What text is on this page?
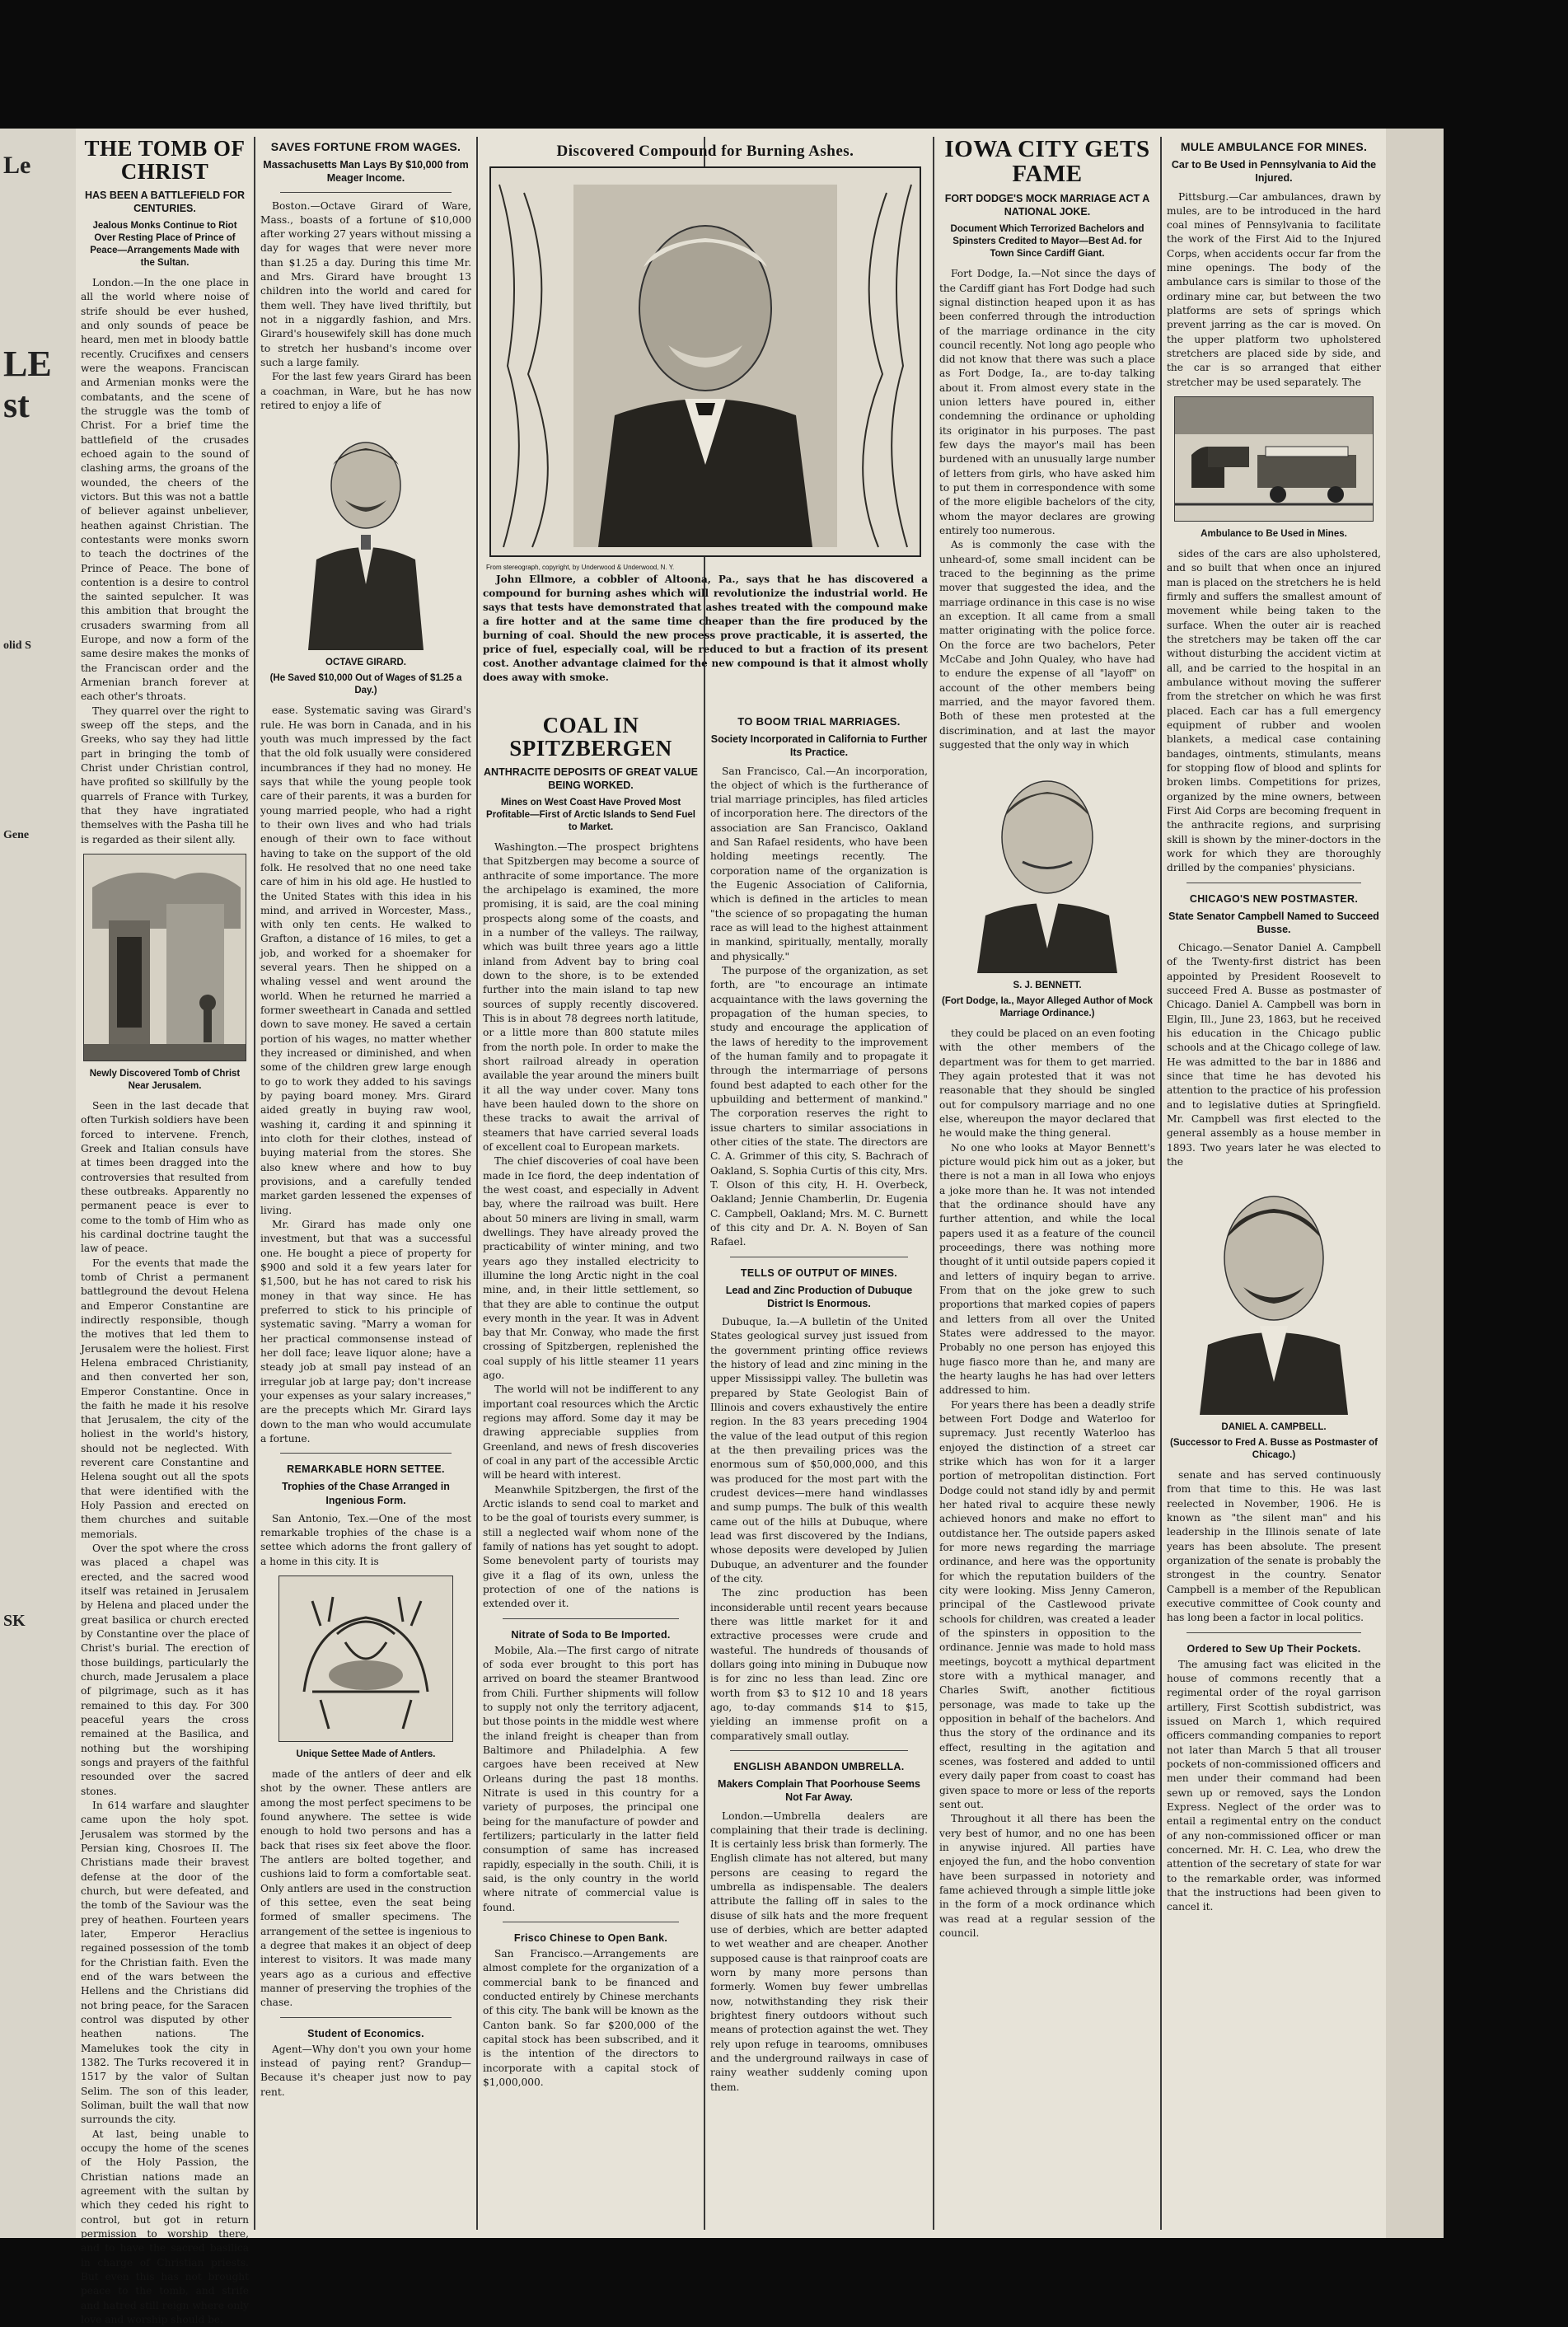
Le
LE
st
olid S
Gene
SK
THE TOMB OF CHRIST
HAS BEEN A BATTLEFIELD FOR CENTURIES.
Jealous Monks Continue to Riot Over Resting Place of Prince of Peace—Arrangements Made with the Sultan.

London.—In the one place in all the world where noise of strife should be ever hushed, and only sounds of peace be heard, men met in bloody battle recently. Crucifixes and censers were the weapons. Franciscan and Armenian monks were the combatants, and the scene of the struggle was the tomb of Christ. For a brief time the battlefield of the crusades echoed again to the sound of clashing arms, the groans of the wounded, the cheers of the victors. But this was not a battle of believer against unbeliever, heathen against Christian. The contestants were monks sworn to teach the doctrines of the Prince of Peace. The bone of contention is a desire to control the sainted sepulcher. It was this ambition that brought the crusaders swarming from all Europe, and now a form of the same desire makes the monks of the Franciscan order and the Armenian branch forever at each other's throats.

They quarrel over the right to sweep off the steps, and the Greeks, who say they had little part in bringing the tomb of Christ under Christian control, have profited so skillfully by the quarrels of France with Turkey, that they have ingratiated themselves with the Pasha till he is regarded as their silent ally.

Newly Discovered Tomb of Christ Near Jerusalem.

Seen in the last decade that often Turkish soldiers have been forced to intervene. French, Greek and Italian consuls have at times been dragged into the controversies that resulted from these outbreaks. Apparently no permanent peace is ever to come to the tomb of Him who as his cardinal doctrine taught the law of peace.

For the events that made the tomb of Christ a permanent battleground the devout Helena and Emperor Constantine are indirectly responsible, though the motives that led them to Jerusalem were the holiest. First Helena embraced Christianity, and then converted her son, Emperor Constantine. Once in the faith he made it his resolve that Jerusalem, the city of the holiest in the world's history, should not be neglected. With reverent care Constantine and Helena sought out all the spots that were identified with the Holy Passion and erected on them churches and suitable memorials.

Over the spot where the cross was placed a chapel was erected, and the sacred wood itself was retained in Jerusalem by Helena and placed under the great basilica or church erected by Constantine over the place of Christ's burial. The erection of those buildings, particularly the church, made Jerusalem a place of pilgrimage, such as it has remained to this day. For 300 peaceful years the cross remained at the Basilica, and nothing but the worshiping songs and prayers of the faithful resounded over the sacred stones.

In 614 warfare and slaughter came upon the holy spot. Jerusalem was stormed by the Persian king, Chosroes II. The Christians made their bravest defense at the door of the church, but were defeated, and the tomb of the Saviour was the prey of heathen. Fourteen years later, Emperor Heraclius regained possession of the tomb for the Christian faith. Even the end of the wars between the Hellens and the Christians did not bring peace, for the Saracen control was disputed by other heathen nations. The Mamelukes took the city in 1382. The Turks recovered it in 1517 by the valor of Sultan Selim. The son of this leader, Soliman, built the wall that now surrounds the city.

At last, being unable to occupy the home of the scenes of the Holy Passion, the Christian nations made an agreement with the sultan by which they ceded his right to control, but got in return permission to worship there, and to have the sacred basilica in charge of Christian priests. But even this has not brought peace to the tomb, and strife and hatred still reign where only love and worship should be.

SAVES FORTUNE FROM WAGES.
Massachusetts Man Lays By $10,000 from Meager Income.

Boston.—Octave Girard of Ware, Mass., boasts of a fortune of $10,000 after working 27 years without missing a day for wages that were never more than $1.25 a day. During this time Mr. and Mrs. Girard have brought 13 children into the world and cared for them well. They have lived thriftily, but not in a niggardly fashion, and Mrs. Girard's housewifely skill has done much to stretch her husband's income over such a large family.

For the last few years Girard has been a coachman, in Ware, but he has now retired to enjoy a life of

OCTAVE GIRARD.
(He Saved $10,000 Out of Wages of $1.25 a Day.)

ease. Systematic saving was Girard's rule. He was born in Canada, and in his youth was much impressed by the fact that the old folk usually were considered incumbrances if they had no money. He says that while the young people took care of their parents, it was a burden for young married people, who had a right to their own lives and who had trials enough of their own to face without having to take on the support of the old folk. He resolved that no one need take care of him in his old age. He hustled to the United States with this idea in his mind, and arrived in Worcester, Mass., with only ten cents. He walked to Grafton, a distance of 16 miles, to get a job, and worked for a shoemaker for several years. Then he shipped on a whaling vessel and went around the world. When he returned he married a former sweetheart in Canada and settled down to save money. He saved a certain portion of his wages, no matter whether they increased or diminished, and when some of the children grew large enough to go to work they added to his savings by paying board money. Mrs. Girard aided greatly in buying raw wool, washing it, carding it and spinning it into cloth for their clothes, instead of buying material from the stores. She also knew where and how to buy provisions, and a carefully tended market garden lessened the expenses of living.

Mr. Girard has made only one investment, but that was a successful one. He bought a piece of property for $900 and sold it a few years later for $1,500, but he has not cared to risk his money in that way since. He has preferred to stick to his principle of systematic saving. "Marry a woman for her practical commonsense instead of her doll face; leave liquor alone; have a steady job at small pay instead of an irregular job at large pay; don't increase your expenses as your salary increases," are the precepts which Mr. Girard lays down to the man who would accumulate a fortune.

REMARKABLE HORN SETTEE.
Trophies of the Chase Arranged in Ingenious Form.

San Antonio, Tex.—One of the most remarkable trophies of the chase is a settee which adorns the front gallery of a home in this city. It is

Unique Settee Made of Antlers.

made of the antlers of deer and elk shot by the owner. These antlers are among the most perfect specimens to be found anywhere. The settee is wide enough to hold two persons and has a back that rises six feet above the floor. The antlers are bolted together, and cushions laid to form a comfortable seat. Only antlers are used in the construction of this settee, even the seat being formed of smaller specimens. The arrangement of the settee is ingenious to a degree that makes it an object of deep interest to visitors. It was made many years ago as a curious and effective manner of preserving the trophies of the chase.

Student of Economics.

Agent—Why don't you own your home instead of paying rent? Grandup—Because it's cheaper just now to pay rent.

Discovered Compound for Burning Ashes.
From stereograph, copyright, by Underwood & Underwood, N. Y.

John Ellmore, a cobbler of Altoona, Pa., says that he has discovered a compound for burning ashes which will revolutionize the industrial world. He says that tests have demonstrated that ashes treated with the compound make a fire hotter and at the same time cheaper than the fire produced by the burning of coal. Should the new process prove practicable, it is asserted, the price of fuel, especially coal, will be reduced to but a fraction of its present cost. Another advantage claimed for the new compound is that it almost wholly does away with smoke.

COAL IN SPITZBERGEN
ANTHRACITE DEPOSITS OF GREAT VALUE BEING WORKED.
Mines on West Coast Have Proved Most Profitable—First of Arctic Islands to Send Fuel to Market.

Washington.—The prospect brightens that Spitzbergen may become a source of anthracite of some importance. The more the archipelago is examined, the more promising, it is said, are the coal mining prospects along some of the coasts, and in a number of the valleys. The railway, which was built three years ago a little inland from Advent bay to bring coal down to the shore, is to be extended further into the main island to tap new sources of supply recently discovered. This is in about 78 degrees north latitude, or a little more than 800 statute miles from the north pole. In order to make the short railroad already in operation available the year around the miners built it all the way under cover. Many tons have been hauled down to the shore on these tracks to await the arrival of steamers that have carried several loads of excellent coal to European markets.

The chief discoveries of coal have been made in Ice fiord, the deep indentation of the west coast, and especially in Advent bay, where the railroad was built. Here about 50 miners are living in small, warm dwellings. They have already proved the practicability of winter mining, and two years ago they installed electricity to illumine the long Arctic night in the coal mine, and, in their little settlement, so that they are able to continue the output every month in the year. It was in Advent bay that Mr. Conway, who made the first crossing of Spitzbergen, replenished the coal supply of his little steamer 11 years ago.

The world will not be indifferent to any important coal resources which the Arctic regions may afford. Some day it may be drawing appreciable supplies from Greenland, and news of fresh discoveries of coal in any part of the accessible Arctic will be heard with interest.

Meanwhile Spitzbergen, the first of the Arctic islands to send coal to market and to be the goal of tourists every summer, is still a neglected waif whom none of the family of nations has yet sought to adopt. Some benevolent party of tourists may give it a flag of its own, unless the protection of one of the nations is extended over it.

Nitrate of Soda to Be Imported.

Mobile, Ala.—The first cargo of nitrate of soda ever brought to this port has arrived on board the steamer Brantwood from Chili. Further shipments will follow to supply not only the territory adjacent, but those points in the middle west where the inland freight is cheaper than from Baltimore and Philadelphia. A few cargoes have been received at New Orleans during the past 18 months. Nitrate is used in this country for a variety of purposes, the principal one being for the manufacture of powder and fertilizers; particularly in the latter field consumption of same has increased rapidly, especially in the south. Chili, it is said, is the only country in the world where nitrate of commercial value is found.

Frisco Chinese to Open Bank.

San Francisco.—Arrangements are almost complete for the organization of a commercial bank to be financed and conducted entirely by Chinese merchants of this city. The bank will be known as the Canton bank. So far $200,000 of the capital stock has been subscribed, and it is the intention of the directors to incorporate with a capital stock of $1,000,000.

TO BOOM TRIAL MARRIAGES.
Society Incorporated in California to Further Its Practice.

San Francisco, Cal.—An incorporation, the object of which is the furtherance of trial marriage principles, has filed articles of incorporation here. The directors of the association are San Francisco, Oakland and San Rafael residents, who have been holding meetings recently. The corporation name of the organization is the Eugenic Association of California, which is defined in the articles to mean "the science of so propagating the human race as will lead to the highest attainment in mankind, spiritually, mentally, morally and physically."

The purpose of the organization, as set forth, are "to encourage an intimate acquaintance with the laws governing the propagation of the human species, to study and encourage the application of the laws of heredity to the improvement of the human family and to propagate it through the intermarriage of persons found best adapted to each other for the upbuilding and betterment of mankind." The corporation reserves the right to issue charters to similar associations in other cities of the state. The directors are C. A. Grimmer of this city, S. Bachrach of Oakland, S. Sophia Curtis of this city, Mrs. T. Olson of this city, H. H. Overbeck, Oakland; Jennie Chamberlin, Dr. Eugenia C. Campbell, Oakland; Mrs. M. C. Burnett of this city and Dr. A. N. Boyen of San Rafael.

TELLS OF OUTPUT OF MINES.
Lead and Zinc Production of Dubuque District Is Enormous.

Dubuque, Ia.—A bulletin of the United States geological survey just issued from the government printing office reviews the history of lead and zinc mining in the upper Mississippi valley. The bulletin was prepared by State Geologist Bain of Illinois and covers exhaustively the entire region. In the 83 years preceding 1904 the value of the lead output of this region at the then prevailing prices was the enormous sum of $50,000,000, and this was produced for the most part with the crudest devices—mere hand windlasses and sump pumps. The bulk of this wealth came out of the hills at Dubuque, where lead was first discovered by the Indians, whose deposits were developed by Julien Dubuque, an adventurer and the founder of the city.

The zinc production has been inconsiderable until recent years because there was little market for it and extractive processes were crude and wasteful. The hundreds of thousands of dollars going into mining in Dubuque now is for zinc no less than lead. Zinc ore worth from $3 to $12 10 and 18 years ago, to-day commands $14 to $15, yielding an immense profit on a comparatively small outlay.

ENGLISH ABANDON UMBRELLA.
Makers Complain That Poorhouse Seems Not Far Away.

London.—Umbrella dealers are complaining that their trade is declining. It is certainly less brisk than formerly. The English climate has not altered, but many persons are ceasing to regard the umbrella as indispensable. The dealers attribute the falling off in sales to the disuse of silk hats and the more frequent use of derbies, which are better adapted to wet weather and are cheaper. Another supposed cause is that rainproof coats are worn by many more persons than formerly. Women buy fewer umbrellas now, notwithstanding they risk their brightest finery outdoors without such means of protection against the wet. They rely upon refuge in tearooms, omnibuses and the underground railways in case of rainy weather suddenly coming upon them.

IOWA CITY GETS FAME
FORT DODGE'S MOCK MARRIAGE ACT A NATIONAL JOKE.
Document Which Terrorized Bachelors and Spinsters Credited to Mayor—Best Ad. for Town Since Cardiff Giant.

Fort Dodge, Ia.—Not since the days of the Cardiff giant has Fort Dodge had such signal distinction heaped upon it as has been conferred through the introduction of the marriage ordinance in the city council recently. Not long ago people who did not know that there was such a place as Fort Dodge, Ia., are to-day talking about it. From almost every state in the union letters have poured in, either condemning the ordinance or upholding its originator in his purposes. The past few days the mayor's mail has been burdened with an unusually large number of letters from girls, who have asked him to put them in correspondence with some of the more eligible bachelors of the city, whom the mayor declares are growing entirely too numerous.

As is commonly the case with the unheard-of, some small incident can be traced to the beginning as the prime mover that suggested the idea, and the marriage ordinance in this case is no wise an exception. It all came from a small matter originating with the police force. On the force are two bachelors, Peter McCabe and John Qualey, who have had to endure the expense of all "layoff" on account of the other members being married, and the mayor favored them. Both of these men protested at the discrimination, and at last the mayor suggested that the only way in which

S. J. BENNETT.
(Fort Dodge, Ia., Mayor Alleged Author of Mock Marriage Ordinance.)

they could be placed on an even footing with the other members of the department was for them to get married. They again protested that it was not reasonable that they should be singled out for compulsory marriage and no one else, whereupon the mayor declared that he would make the thing general.

No one who looks at Mayor Bennett's picture would pick him out as a joker, but there is not a man in all Iowa who enjoys a joke more than he. It was not intended that the ordinance should have any further attention, and while the local papers used it as a feature of the council proceedings, there was nothing more thought of it until outside papers copied it and letters of inquiry began to arrive. From that on the joke grew to such proportions that marked copies of papers and letters from all over the United States were addressed to the mayor. Probably no one person has enjoyed this huge fiasco more than he, and many are the hearty laughs he has had over letters addressed to him.

For years there has been a deadly strife between Fort Dodge and Waterloo for supremacy. Just recently Waterloo has enjoyed the distinction of a street car strike which has won for it a larger portion of metropolitan distinction. Fort Dodge could not stand idly by and permit her hated rival to acquire these newly achieved honors and make no effort to outdistance her. The outside papers asked for more news regarding the marriage ordinance, and here was the opportunity for which the reputation builders of the city were looking. Miss Jenny Cameron, principal of the Castlewood private schools for children, was created a leader of the spinsters in opposition to the ordinance. Jennie was made to hold mass meetings, boycott a mythical department store with a mythical manager, and Charles Swift, another fictitious personage, was made to take up the opposition in behalf of the bachelors. And thus the story of the ordinance and its effect, resulting in the agitation and scenes, was fostered and added to until every daily paper from coast to coast has given space to more or less of the reports sent out.

Throughout it all there has been the very best of humor, and no one has been in anywise injured. All parties have enjoyed the fun, and the hobo convention have been surpassed in notoriety and fame achieved through a simple little joke in the form of a mock ordinance which was read at a regular session of the council.

MULE AMBULANCE FOR MINES.
Car to Be Used in Pennsylvania to Aid the Injured.

Pittsburg.—Car ambulances, drawn by mules, are to be introduced in the hard coal mines of Pennsylvania to facilitate the work of the First Aid to the Injured Corps, when accidents occur far from the mine openings. The body of the ambulance cars is similar to those of the ordinary mine car, but between the two platforms are sets of springs which prevent jarring as the car is moved. On the upper platform two upholstered stretchers are placed side by side, and the car is so arranged that either stretcher may be used separately. The

Ambulance to Be Used in Mines.

sides of the cars are also upholstered, and so built that when once an injured man is placed on the stretchers he is held firmly and suffers the smallest amount of movement while being taken to the surface. When the outer air is reached the stretchers may be taken off the car without disturbing the accident victim at all, and be carried to the hospital in an ambulance without moving the sufferer from the stretcher on which he was first placed. Each car has a full emergency equipment of rubber and woolen blankets, a medical case containing bandages, ointments, stimulants, means for stopping flow of blood and splints for broken limbs. Competitions for prizes, organized by the mine owners, between First Aid Corps are becoming frequent in the anthracite regions, and surprising skill is shown by the miner-doctors in the work for which they are thoroughly drilled by the companies' physicians.

CHICAGO'S NEW POSTMASTER.
State Senator Campbell Named to Succeed Busse.

Chicago.—Senator Daniel A. Campbell of the Twenty-first district has been appointed by President Roosevelt to succeed Fred A. Busse as postmaster of Chicago. Daniel A. Campbell was born in Elgin, Ill., June 23, 1863, but he received his education in the Chicago public schools and at the Chicago college of law. He was admitted to the bar in 1886 and since that time he has devoted his attention to the practice of his profession and to legislative duties at Springfield. Mr. Campbell was first elected to the general assembly as a house member in 1893. Two years later he was elected to the

DANIEL A. CAMPBELL.
(Successor to Fred A. Busse as Postmaster of Chicago.)

senate and has served continuously from that time to this. He was last reelected in November, 1906. He is known as "the silent man" and his leadership in the Illinois senate of late years has been absolute. The present organization of the senate is probably the strongest in the country. Senator Campbell is a member of the Republican executive committee of Cook county and has long been a factor in local politics.

Ordered to Sew Up Their Pockets.

The amusing fact was elicited in the house of commons recently that a regimental order of the royal garrison artillery, First Scottish subdistrict, was issued on March 1, which required officers commanding companies to report not later than March 5 that all trouser pockets of non-commissioned officers and men under their command had been sewn up or removed, says the London Express. Neglect of the order was to entail a regimental entry on the conduct of any non-commissioned officer or man concerned. Mr. H. C. Lea, who drew the attention of the secretary of state for war to the remarkable order, was informed that the instructions had been given to cancel it.
